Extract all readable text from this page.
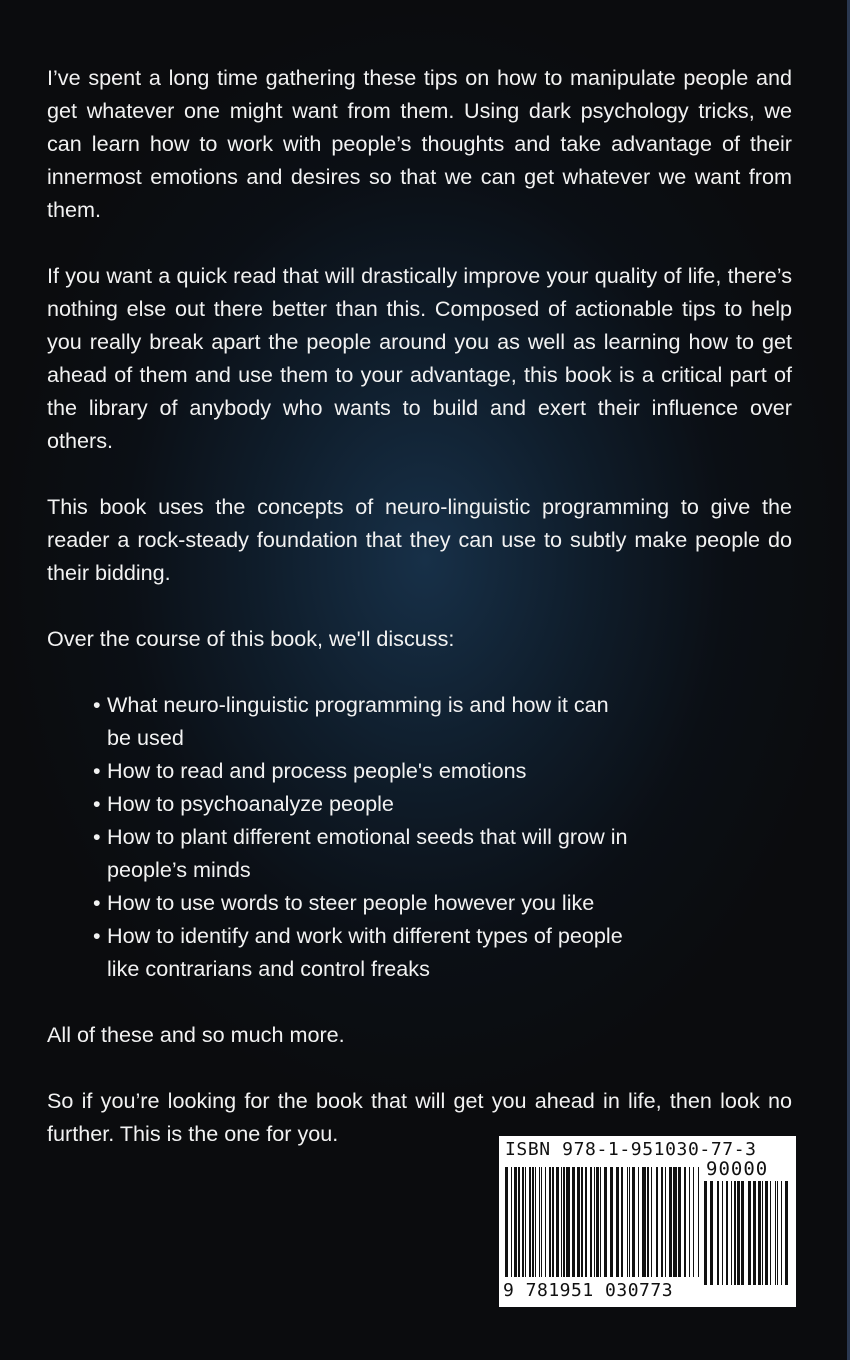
I’ve spent a long time gathering these tips on how to manipulate people and get whatever one might want from them. Using dark psychology tricks, we can learn how to work with people’s thoughts and take advantage of their innermost emotions and desires so that we can get whatever we want from them.

If you want a quick read that will drastically improve your quality of life, there’s nothing else out there better than this. Composed of actionable tips to help you really break apart the people around you as well as learning how to get ahead of them and use them to your advantage, this book is a critical part of the library of anybody who wants to build and exert their influence over others.

This book uses the concepts of neuro-linguistic programming to give the reader a rock-steady foundation that they can use to subtly make people do their bidding.

Over the course of this book, we'll discuss:

• What neuro-linguistic programming is and how it can be used
• How to read and process people's emotions
• How to psychoanalyze people
• How to plant different emotional seeds that will grow in people’s minds
• How to use words to steer people however you like
• How to identify and work with different types of people like contrarians and control freaks

All of these and so much more.

So if you’re looking for the book that will get you ahead in life, then look no further. This is the one for you.

ISBN 978-1-951030-77-3
90000
9 781951 030773
